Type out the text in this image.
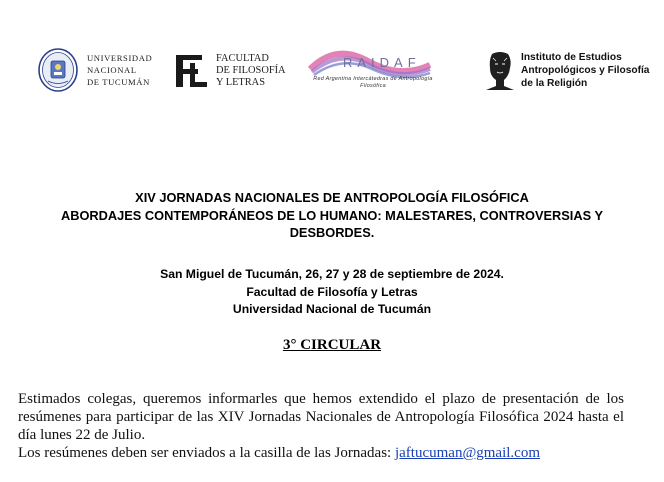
UNIVERSIDAD
NACIONAL
DE TUCUMÁN
FACULTAD
DE FILOSOFÍA
Y LETRAS
RAIDAF
Red Argentina Intercátedras de Antropología Filosófica
Instituto de Estudios
Antropológicos y Filosofía
de la Religión
XIV JORNADAS NACIONALES DE ANTROPOLOGÍA FILOSÓFICA
ABORDAJES CONTEMPORÁNEOS DE LO HUMANO: MALESTARES, CONTROVERSIAS Y
DESBORDES.
San Miguel de Tucumán, 26, 27 y 28 de septiembre de 2024.
Facultad de Filosofía y Letras
Universidad Nacional de Tucumán
3° CIRCULAR
Estimados colegas, queremos informarles que hemos extendido el plazo de presentación de los resúmenes para participar de las XIV Jornadas Nacionales de Antropología Filosófica 2024 hasta el día lunes 22 de Julio.
Los resúmenes deben ser enviados a la casilla de las Jornadas: jaftucuman@gmail.com
